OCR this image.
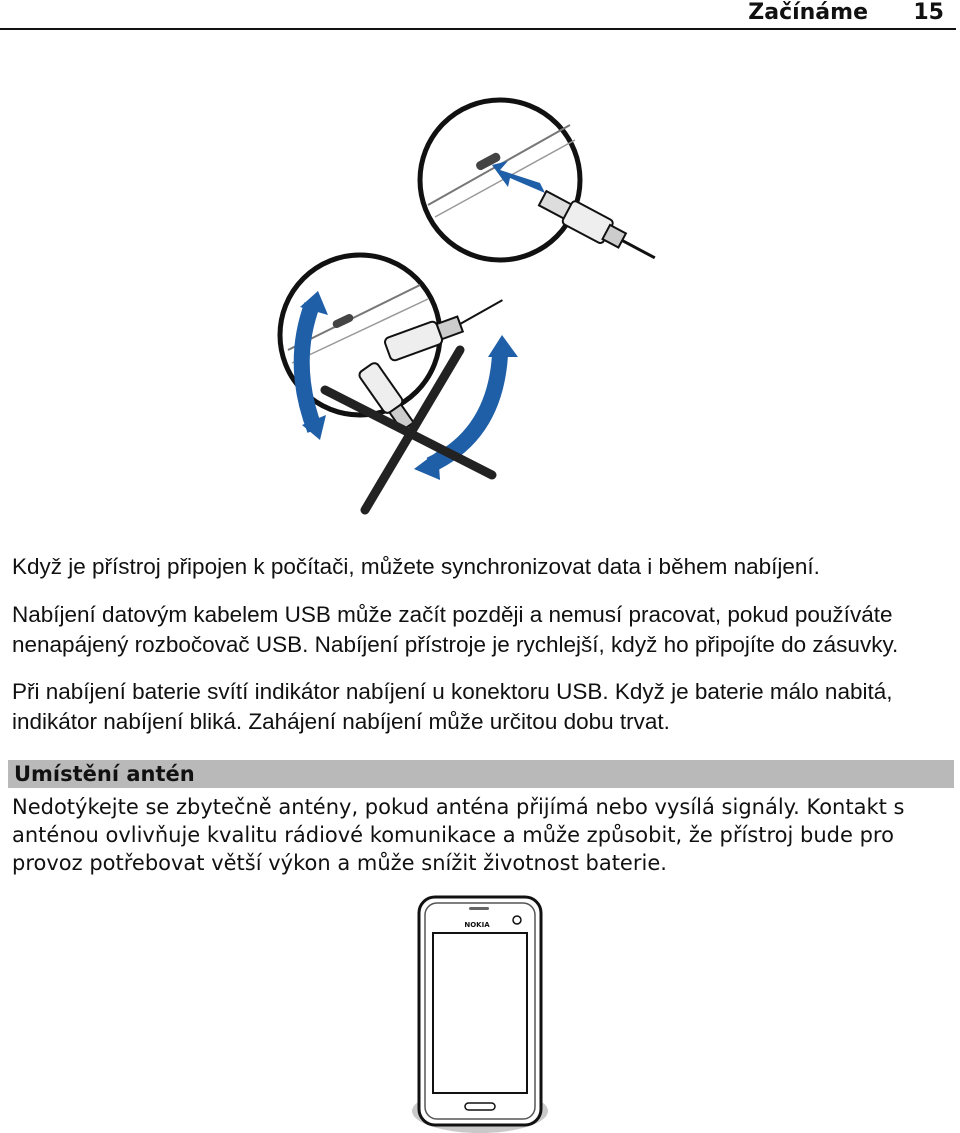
Začínáme 15

Když je přístroj připojen k počítači, můžete synchronizovat data i během nabíjení.

Nabíjení datovým kabelem USB může začít později a nemusí pracovat, pokud používáte nenapájený rozbočovač USB. Nabíjení přístroje je rychlejší, když ho připojíte do zásuvky.

Při nabíjení baterie svítí indikátor nabíjení u konektoru USB. Když je baterie málo nabitá, indikátor nabíjení bliká. Zahájení nabíjení může určitou dobu trvat.

Umístění antén

Nedotýkejte se zbytečně antény, pokud anténa přijímá nebo vysílá signály. Kontakt s anténou ovlivňuje kvalitu rádiové komunikace a může způsobit, že přístroj bude pro provoz potřebovat větší výkon a může snížit životnost baterie.

NOKIA
